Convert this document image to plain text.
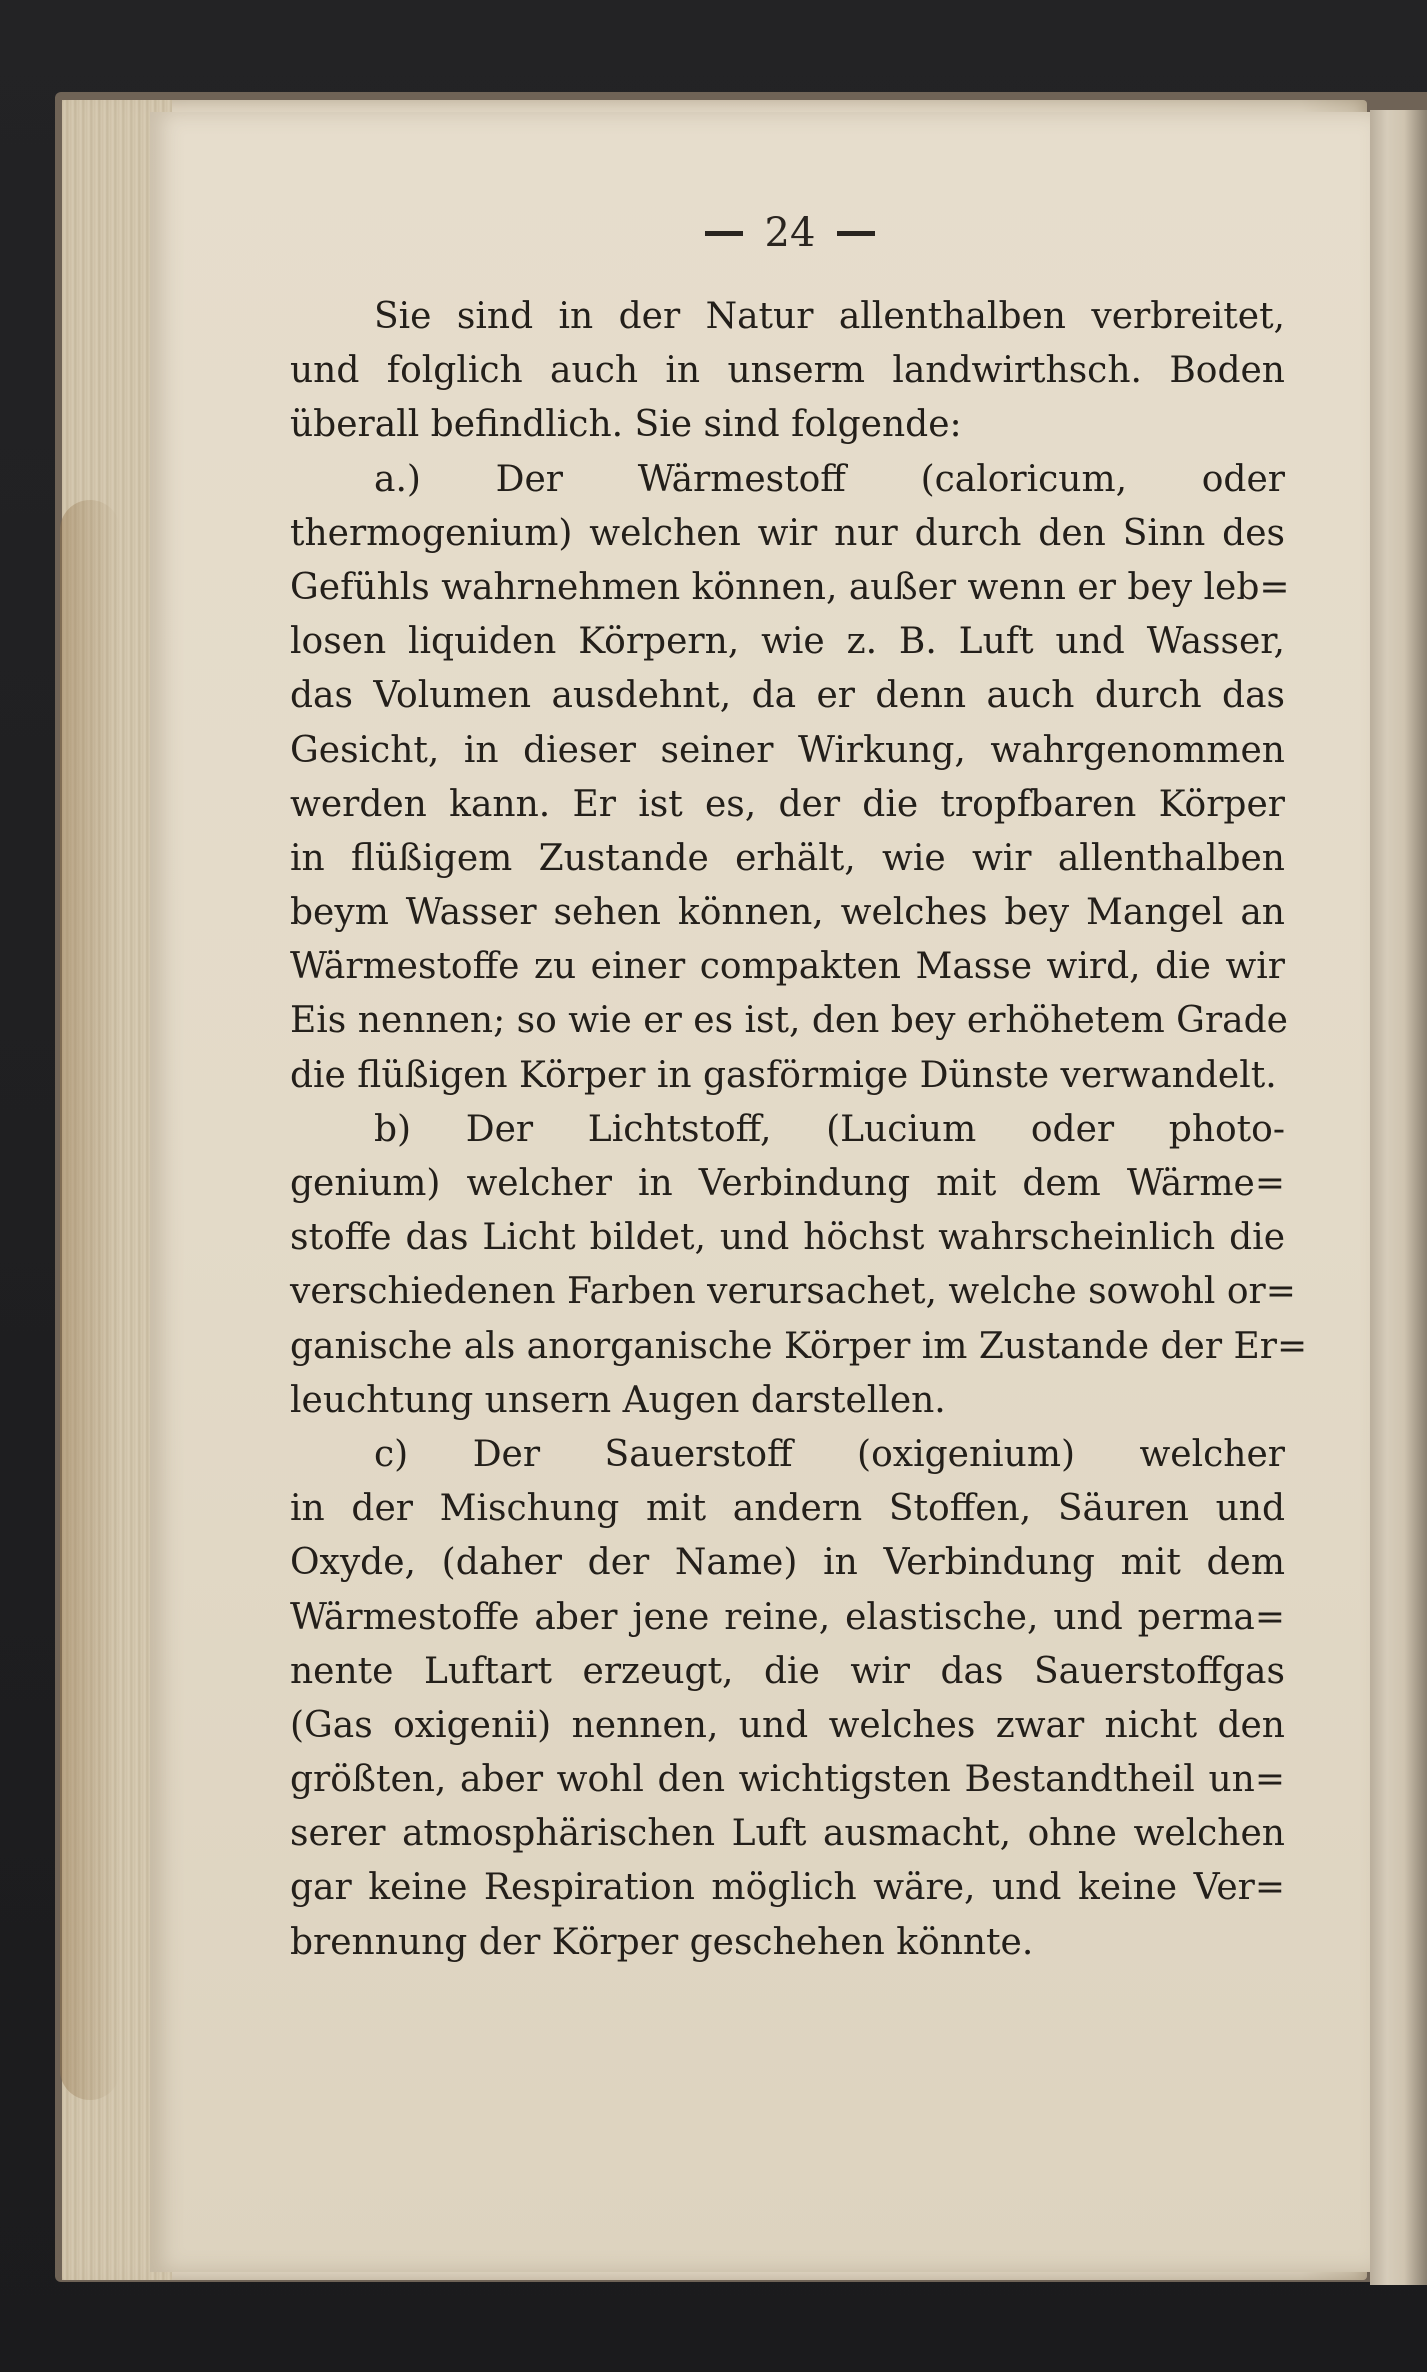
24
Sie sind in der Natur allenthalben verbreitet,
und folglich auch in unserm landwirthsch. Boden
überall befindlich. Sie sind folgende:
a.) Der Wärmestoff (caloricum, oder
thermogenium) welchen wir nur durch den Sinn des
Gefühls wahrnehmen können, außer wenn er bey leb=
losen liquiden Körpern, wie z. B. Luft und Wasser,
das Volumen ausdehnt, da er denn auch durch das
Gesicht, in dieser seiner Wirkung, wahrgenommen
werden kann. Er ist es, der die tropfbaren Körper
in flüßigem Zustande erhält, wie wir allenthalben
beym Wasser sehen können, welches bey Mangel an
Wärmestoffe zu einer compakten Masse wird, die wir
Eis nennen; so wie er es ist, den bey erhöhetem Grade
die flüßigen Körper in gasförmige Dünste verwandelt.
b) Der Lichtstoff, (Lucium oder photo-
genium) welcher in Verbindung mit dem Wärme=
stoffe das Licht bildet, und höchst wahrscheinlich die
verschiedenen Farben verursachet, welche sowohl or=
ganische als anorganische Körper im Zustande der Er=
leuchtung unsern Augen darstellen.
c) Der Sauerstoff (oxigenium) welcher
in der Mischung mit andern Stoffen, Säuren und
Oxyde, (daher der Name) in Verbindung mit dem
Wärmestoffe aber jene reine, elastische, und perma=
nente Luftart erzeugt, die wir das Sauerstoffgas
(Gas oxigenii) nennen, und welches zwar nicht den
größten, aber wohl den wichtigsten Bestandtheil un=
serer atmosphärischen Luft ausmacht, ohne welchen
gar keine Respiration möglich wäre, und keine Ver=
brennung der Körper geschehen könnte.
